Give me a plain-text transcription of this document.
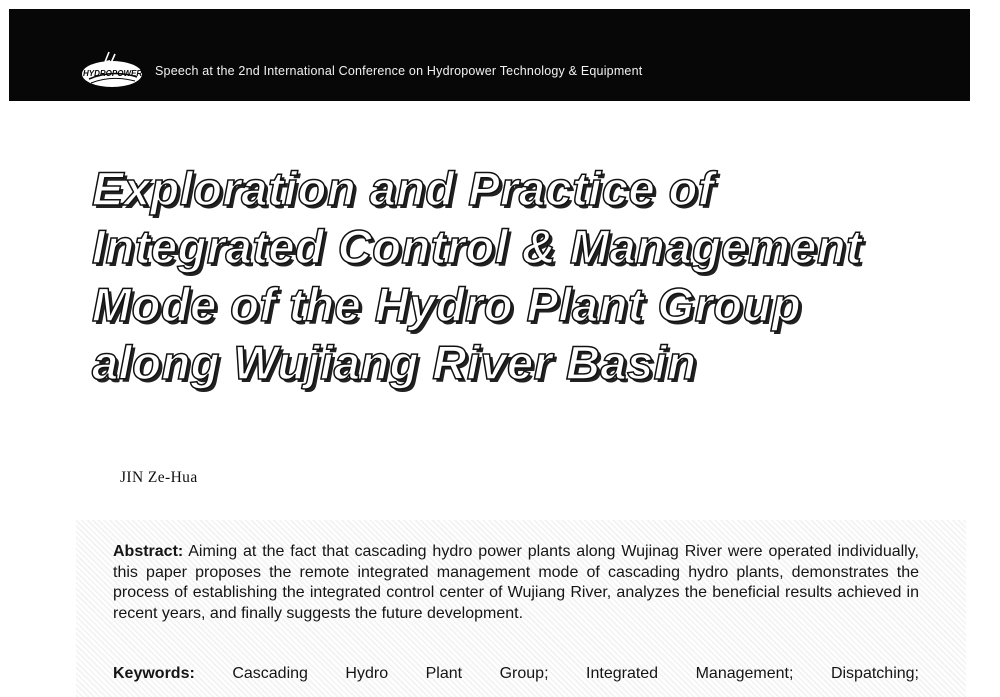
HYDROPOWER Speech at the 2nd International Conference on Hydropower Technology & Equipment
Exploration and Practice of
Integrated Control & Management
Mode of the Hydro Plant Group
along Wujiang River Basin
JIN Ze-Hua
Abstract: Aiming at the fact that cascading hydro power plants along Wujinag River were operated individually, this paper proposes the remote integrated management mode of cascading hydro plants, demonstrates the process of establishing the integrated control center of Wujiang River, analyzes the beneficial results achieved in recent years, and finally suggests the future development.
Keywords: Cascading Hydro Plant Group; Integrated Management; Dispatching;
